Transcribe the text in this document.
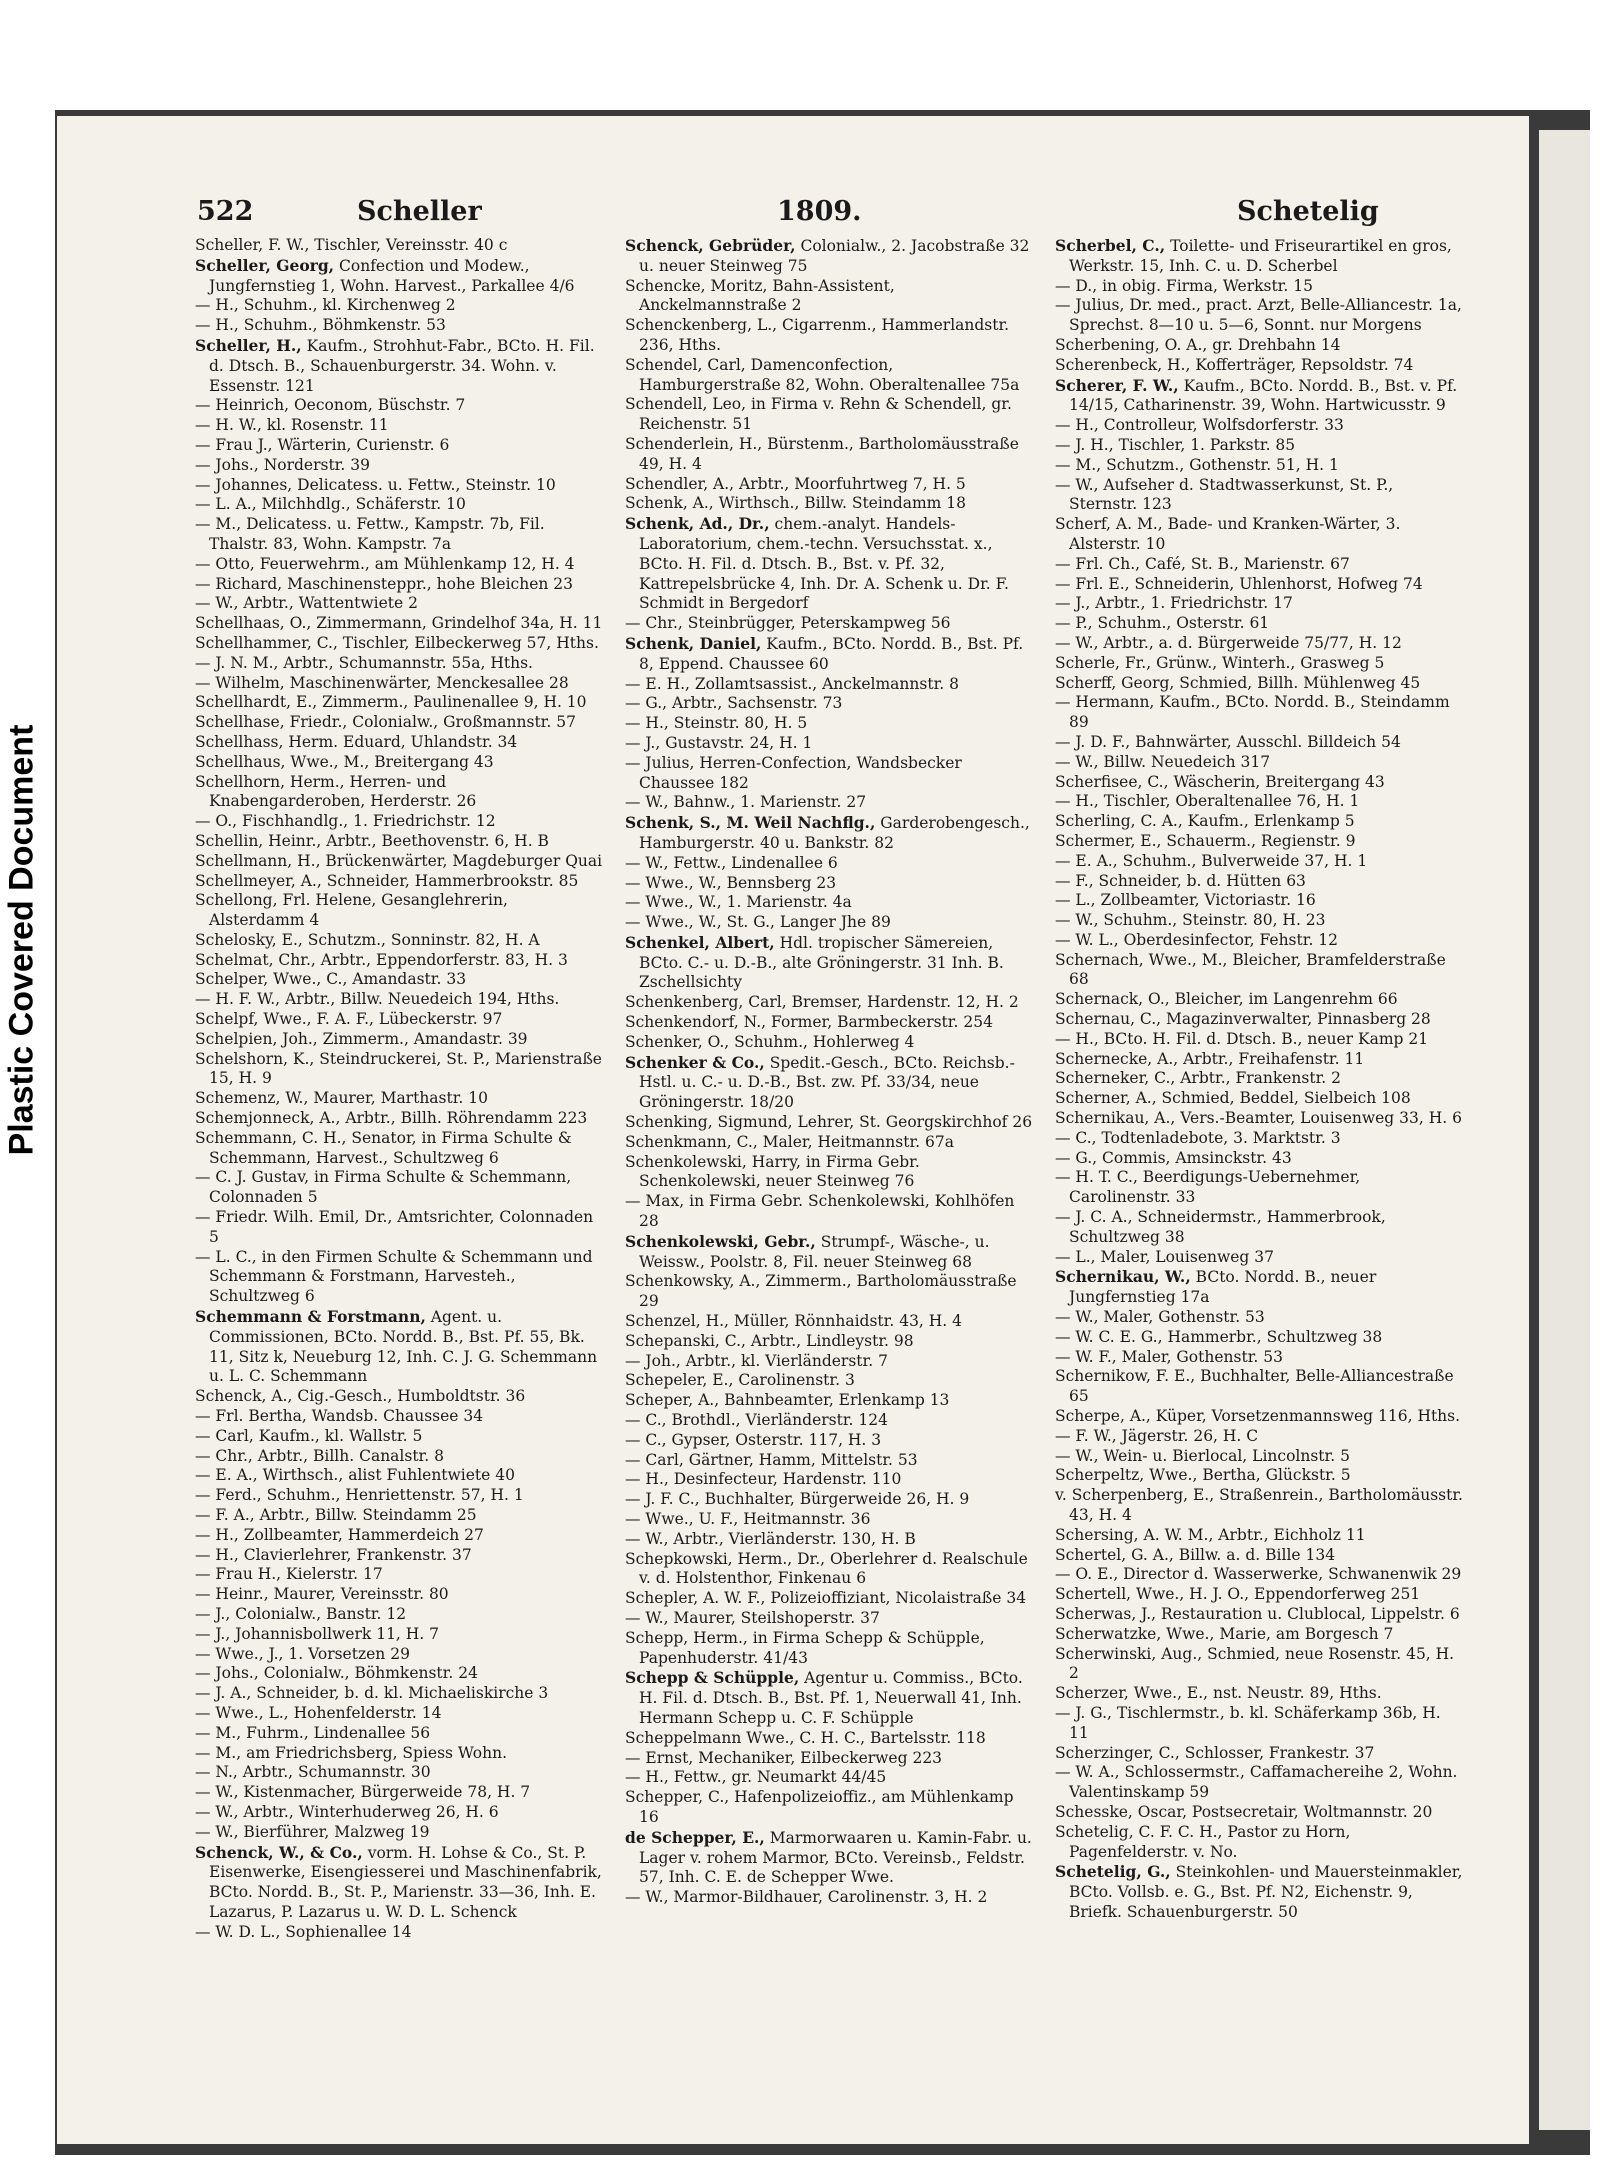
Plastic Covered Document
522	Scheller	1809.	Schetelig

Scheller, F. W., Tischler, Vereinsstr. 40 c

Scheller, Georg, Confection und Modew., Jungfernstieg 1, Wohn. Harvest., Parkallee 4/6

— H., Schuhm., kl. Kirchenweg 2

— H., Schuhm., Böhmkenstr. 53

Scheller, H., Kaufm., Strohhut-Fabr., BCto. H. Fil. d. Dtsch. B., Schauenburgerstr. 34. Wohn. v. Essenstr. 121

— Heinrich, Oeconom, Büschstr. 7

— H. W., kl. Rosenstr. 11

— Frau J., Wärterin, Curienstr. 6

— Johs., Norderstr. 39

— Johannes, Delicatess. u. Fettw., Steinstr. 10

— L. A., Milchhdlg., Schäferstr. 10

— M., Delicatess. u. Fettw., Kampstr. 7b, Fil. Thalstr. 83, Wohn. Kampstr. 7a

— Otto, Feuerwehrm., am Mühlenkamp 12, H. 4

— Richard, Maschinensteppr., hohe Bleichen 23

— W., Arbtr., Wattentwiete 2

Schellhaas, O., Zimmermann, Grindelhof 34a, H. 11

Schellhammer, C., Tischler, Eilbeckerweg 57, Hths.

— J. N. M., Arbtr., Schumannstr. 55a, Hths.

— Wilhelm, Maschinenwärter, Menckesallee 28

Schellhardt, E., Zimmerm., Paulinenallee 9, H. 10

Schellhase, Friedr., Colonialw., Großmannstr. 57

Schellhass, Herm. Eduard, Uhlandstr. 34

Schellhaus, Wwe., M., Breitergang 43

Schellhorn, Herm., Herren- und Knabengarderoben, Herderstr. 26

— O., Fischhandlg., 1. Friedrichstr. 12

Schellin, Heinr., Arbtr., Beethovenstr. 6, H. B

Schellmann, H., Brückenwärter, Magdeburger Quai

Schellmeyer, A., Schneider, Hammerbrookstr. 85

Schellong, Frl. Helene, Gesanglehrerin, Alsterdamm 4

Schelosky, E., Schutzm., Sonninstr. 82, H. A

Schelmat, Chr., Arbtr., Eppendorferstr. 83, H. 3

Schelper, Wwe., C., Amandastr. 33

— H. F. W., Arbtr., Billw. Neuedeich 194, Hths.

Schelpf, Wwe., F. A. F., Lübeckerstr. 97

Schelpien, Joh., Zimmerm., Amandastr. 39

Schelshorn, K., Steindruckerei, St. P., Marienstraße 15, H. 9

Schemenz, W., Maurer, Marthastr. 10

Schemjonneck, A., Arbtr., Billh. Röhrendamm 223

Schemmann, C. H., Senator, in Firma Schulte & Schemmann, Harvest., Schultzweg 6

— C. J. Gustav, in Firma Schulte & Schemmann, Colonnaden 5

— Friedr. Wilh. Emil, Dr., Amtsrichter, Colonnaden 5

— L. C., in den Firmen Schulte & Schemmann und Schemmann & Forstmann, Harvesteh., Schultzweg 6

Schemmann & Forstmann, Agent. u. Commissionen, BCto. Nordd. B., Bst. Pf. 55, Bk. 11, Sitz k, Neueburg 12, Inh. C. J. G. Schemmann u. L. C. Schemmann

Schenck, A., Cig.-Gesch., Humboldtstr. 36

— Frl. Bertha, Wandsb. Chaussee 34

— Carl, Kaufm., kl. Wallstr. 5

— Chr., Arbtr., Billh. Canalstr. 8

— E. A., Wirthsch., alist Fuhlentwiete 40

— Ferd., Schuhm., Henriettenstr. 57, H. 1

— F. A., Arbtr., Billw. Steindamm 25

— H., Zollbeamter, Hammerdeich 27

— H., Clavierlehrer, Frankenstr. 37

— Frau H., Kielerstr. 17

— Heinr., Maurer, Vereinsstr. 80

— J., Colonialw., Banstr. 12

— J., Johannisbollwerk 11, H. 7

— Wwe., J., 1. Vorsetzen 29

— Johs., Colonialw., Böhmkenstr. 24

— J. A., Schneider, b. d. kl. Michaeliskirche 3

— Wwe., L., Hohenfelderstr. 14

— M., Fuhrm., Lindenallee 56

— M., am Friedrichsberg, Spiess Wohn.

— N., Arbtr., Schumannstr. 30

— W., Kistenmacher, Bürgerweide 78, H. 7

— W., Arbtr., Winterhuderweg 26, H. 6

— W., Bierführer, Malzweg 19

Schenck, W., & Co., vorm. H. Lohse & Co., St. P. Eisenwerke, Eisengiesserei und Maschinenfabrik, BCto. Nordd. B., St. P., Marienstr. 33—36, Inh. E. Lazarus, P. Lazarus u. W. D. L. Schenck

— W. D. L., Sophienallee 14

Schenck, Gebrüder, Colonialw., 2. Jacobstraße 32 u. neuer Steinweg 75

Schencke, Moritz, Bahn-Assistent, Anckelmannstraße 2

Schenckenberg, L., Cigarrenm., Hammerlandstr. 236, Hths.

Schendel, Carl, Damenconfection, Hamburgerstraße 82, Wohn. Oberaltenallee 75a

Schendell, Leo, in Firma v. Rehn & Schendell, gr. Reichenstr. 51

Schenderlein, H., Bürstenm., Bartholomäusstraße 49, H. 4

Schendler, A., Arbtr., Moorfuhrtweg 7, H. 5

Schenk, A., Wirthsch., Billw. Steindamm 18

Schenk, Ad., Dr., chem.-analyt. Handels-Laboratorium, chem.-techn. Versuchsstat. x., BCto. H. Fil. d. Dtsch. B., Bst. v. Pf. 32, Kattrepelsbrücke 4, Inh. Dr. A. Schenk u. Dr. F. Schmidt in Bergedorf

— Chr., Steinbrügger, Peterskampweg 56

Schenk, Daniel, Kaufm., BCto. Nordd. B., Bst. Pf. 8, Eppend. Chaussee 60

— E. H., Zollamtsassist., Anckelmannstr. 8

— G., Arbtr., Sachsenstr. 73

— H., Steinstr. 80, H. 5

— J., Gustavstr. 24, H. 1

— Julius, Herren-Confection, Wandsbecker Chaussee 182

— W., Bahnw., 1. Marienstr. 27

Schenk, S., M. Weil Nachflg., Garderobengesch., Hamburgerstr. 40 u. Bankstr. 82

— W., Fettw., Lindenallee 6

— Wwe., W., Bennsberg 23

— Wwe., W., 1. Marienstr. 4a

— Wwe., W., St. G., Langer Jhe 89

Schenkel, Albert, Hdl. tropischer Sämereien, BCto. C.- u. D.-B., alte Gröningerstr. 31 Inh. B. Zschellsichty

Schenkenberg, Carl, Bremser, Hardenstr. 12, H. 2

Schenkendorf, N., Former, Barmbeckerstr. 254

Schenker, O., Schuhm., Hohlerweg 4

Schenker & Co., Spedit.-Gesch., BCto. Reichsb.-Hstl. u. C.- u. D.-B., Bst. zw. Pf. 33/34, neue Gröningerstr. 18/20

Schenking, Sigmund, Lehrer, St. Georgskirchhof 26

Schenkmann, C., Maler, Heitmannstr. 67a

Schenkolewski, Harry, in Firma Gebr. Schenkolewski, neuer Steinweg 76

— Max, in Firma Gebr. Schenkolewski, Kohlhöfen 28

Schenkolewski, Gebr., Strumpf-, Wäsche-, u. Weissw., Poolstr. 8, Fil. neuer Steinweg 68

Schenkowsky, A., Zimmerm., Bartholomäusstraße 29

Schenzel, H., Müller, Rönnhaidstr. 43, H. 4

Schepanski, C., Arbtr., Lindleystr. 98

— Joh., Arbtr., kl. Vierländerstr. 7

Schepeler, E., Carolinenstr. 3

Scheper, A., Bahnbeamter, Erlenkamp 13

— C., Brothdl., Vierländerstr. 124

— C., Gypser, Osterstr. 117, H. 3

— Carl, Gärtner, Hamm, Mittelstr. 53

— H., Desinfecteur, Hardenstr. 110

— J. F. C., Buchhalter, Bürgerweide 26, H. 9

— Wwe., U. F., Heitmannstr. 36

— W., Arbtr., Vierländerstr. 130, H. B

Schepkowski, Herm., Dr., Oberlehrer d. Realschule v. d. Holstenthor, Finkenau 6

Schepler, A. W. F., Polizeioffiziant, Nicolaistraße 34

— W., Maurer, Steilshoperstr. 37

Schepp, Herm., in Firma Schepp & Schüpple, Papenhuderstr. 41/43

Schepp & Schüpple, Agentur u. Commiss., BCto. H. Fil. d. Dtsch. B., Bst. Pf. 1, Neuerwall 41, Inh. Hermann Schepp u. C. F. Schüpple

Scheppelmann Wwe., C. H. C., Bartelsstr. 118

— Ernst, Mechaniker, Eilbeckerweg 223

— H., Fettw., gr. Neumarkt 44/45

Schepper, C., Hafenpolizeioffiz., am Mühlenkamp 16

de Schepper, E., Marmorwaaren u. Kamin-Fabr. u. Lager v. rohem Marmor, BCto. Vereinsb., Feldstr. 57, Inh. C. E. de Schepper Wwe.

— W., Marmor-Bildhauer, Carolinenstr. 3, H. 2

Scherbel, C., Toilette- und Friseurartikel en gros, Werkstr. 15, Inh. C. u. D. Scherbel

— D., in obig. Firma, Werkstr. 15

— Julius, Dr. med., pract. Arzt, Belle-Alliancestr. 1a, Sprechst. 8—10 u. 5—6, Sonnt. nur Morgens

Scherbening, O. A., gr. Drehbahn 14

Scherenbeck, H., Kofferträger, Repsoldstr. 74

Scherer, F. W., Kaufm., BCto. Nordd. B., Bst. v. Pf. 14/15, Catharinenstr. 39, Wohn. Hartwicusstr. 9

— H., Controlleur, Wolfsdorferstr. 33

— J. H., Tischler, 1. Parkstr. 85

— M., Schutzm., Gothenstr. 51, H. 1

— W., Aufseher d. Stadtwasserkunst, St. P., Sternstr. 123

Scherf, A. M., Bade- und Kranken-Wärter, 3. Alsterstr. 10

— Frl. Ch., Café, St. B., Marienstr. 67

— Frl. E., Schneiderin, Uhlenhorst, Hofweg 74

— J., Arbtr., 1. Friedrichstr. 17

— P., Schuhm., Osterstr. 61

— W., Arbtr., a. d. Bürgerweide 75/77, H. 12

Scherle, Fr., Grünw., Winterh., Grasweg 5

Scherff, Georg, Schmied, Billh. Mühlenweg 45

— Hermann, Kaufm., BCto. Nordd. B., Steindamm 89

— J. D. F., Bahnwärter, Ausschl. Billdeich 54

— W., Billw. Neuedeich 317

Scherfisee, C., Wäscherin, Breitergang 43

— H., Tischler, Oberaltenallee 76, H. 1

Scherling, C. A., Kaufm., Erlenkamp 5

Schermer, E., Schauerm., Regienstr. 9

— E. A., Schuhm., Bulverweide 37, H. 1

— F., Schneider, b. d. Hütten 63

— L., Zollbeamter, Victoriastr. 16

— W., Schuhm., Steinstr. 80, H. 23

— W. L., Oberdesinfector, Fehstr. 12

Schernach, Wwe., M., Bleicher, Bramfelderstraße 68

Schernack, O., Bleicher, im Langenrehm 66

Schernau, C., Magazinverwalter, Pinnasberg 28

— H., BCto. H. Fil. d. Dtsch. B., neuer Kamp 21

Schernecke, A., Arbtr., Freihafenstr. 11

Scherneker, C., Arbtr., Frankenstr. 2

Scherner, A., Schmied, Beddel, Sielbeich 108

Schernikau, A., Vers.-Beamter, Louisenweg 33, H. 6

— C., Todtenladebote, 3. Marktstr. 3

— G., Commis, Amsinckstr. 43

— H. T. C., Beerdigungs-Uebernehmer, Carolinenstr. 33

— J. C. A., Schneidermstr., Hammerbrook, Schultzweg 38

— L., Maler, Louisenweg 37

Schernikau, W., BCto. Nordd. B., neuer Jungfernstieg 17a

— W., Maler, Gothenstr. 53

— W. C. E. G., Hammerbr., Schultzweg 38

— W. F., Maler, Gothenstr. 53

Schernikow, F. E., Buchhalter, Belle-Alliancestraße 65

Scherpe, A., Küper, Vorsetzenmannsweg 116, Hths.

— F. W., Jägerstr. 26, H. C

— W., Wein- u. Bierlocal, Lincolnstr. 5

Scherpeltz, Wwe., Bertha, Glückstr. 5

v. Scherpenberg, E., Straßenrein., Bartholomäusstr. 43, H. 4

Schersing, A. W. M., Arbtr., Eichholz 11

Schertel, G. A., Billw. a. d. Bille 134

— O. E., Director d. Wasserwerke, Schwanenwik 29

Schertell, Wwe., H. J. O., Eppendorferweg 251

Scherwas, J., Restauration u. Clublocal, Lippelstr. 6

Scherwatzke, Wwe., Marie, am Borgesch 7

Scherwinski, Aug., Schmied, neue Rosenstr. 45, H. 2

Scherzer, Wwe., E., nst. Neustr. 89, Hths.

— J. G., Tischlermstr., b. kl. Schäferkamp 36b, H. 11

Scherzinger, C., Schlosser, Frankestr. 37

— W. A., Schlossermstr., Caffamachereihe 2, Wohn. Valentinskamp 59

Schesske, Oscar, Postsecretair, Woltmannstr. 20

Schetelig, C. F. C. H., Pastor zu Horn, Pagenfelderstr. v. No.

Schetelig, G., Steinkohlen- und Mauersteinmakler, BCto. Vollsb. e. G., Bst. Pf. N2, Eichenstr. 9, Briefk. Schauenburgerstr. 50
